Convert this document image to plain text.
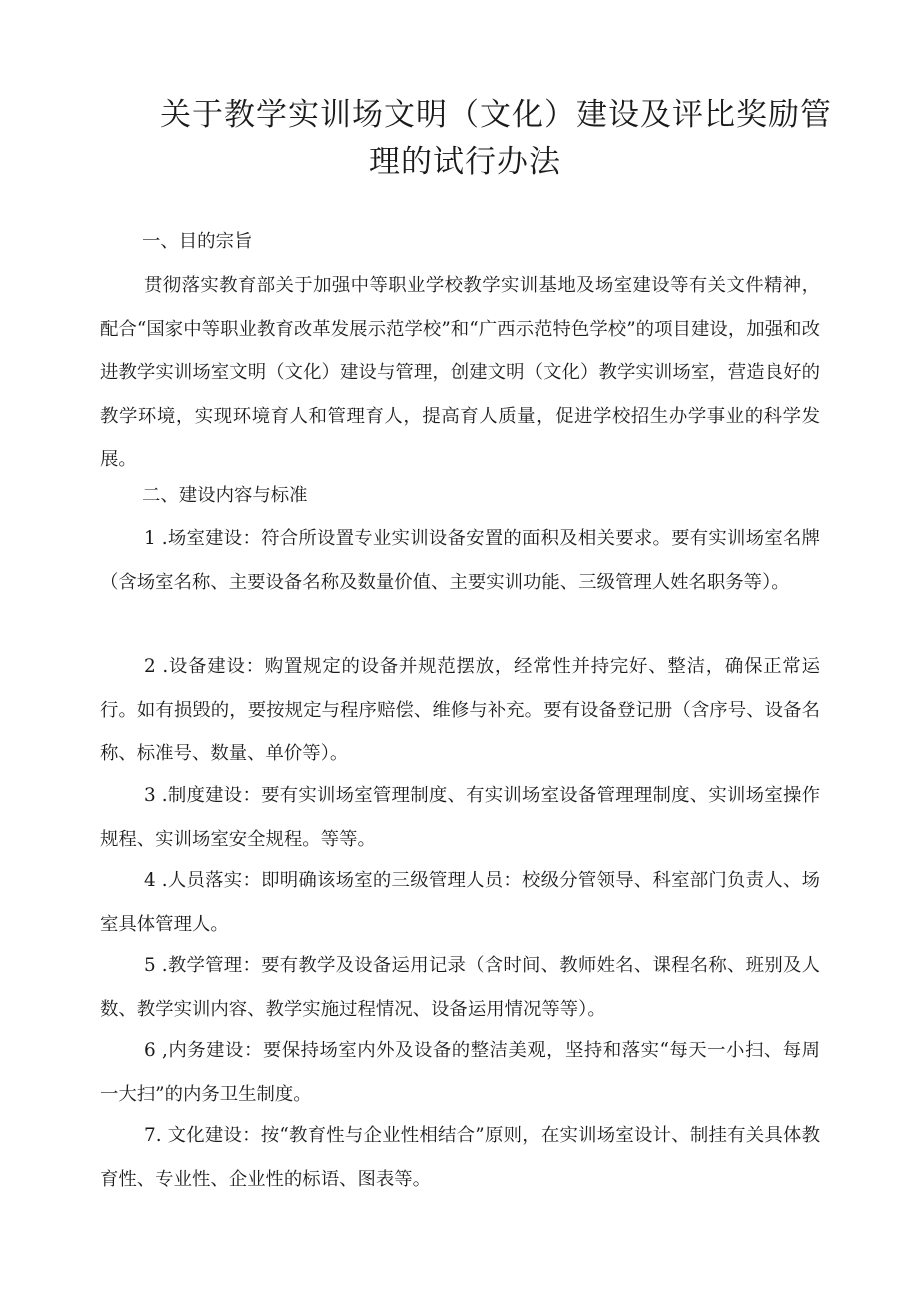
关于教学实训场文明（文化）建设及评比奖励管
理的试行办法
一、目的宗旨
贯彻落实教育部关于加强中等职业学校教学实训基地及场室建设等有关文件精神，配合“国家中等职业教育改革发展示范学校”和“广西示范特色学校”的项目建设，加强和改进教学实训场室文明（文化）建设与管理，创建文明（文化）教学实训场室，营造良好的教学环境，实现环境育人和管理育人，提高育人质量，促进学校招生办学事业的科学发展。
二、建设内容与标准
1 .场室建设：符合所设置专业实训设备安置的面积及相关要求。要有实训场室名牌（含场室名称、主要设备名称及数量价值、主要实训功能、三级管理人姓名职务等）。
2 .设备建设：购置规定的设备并规范摆放，经常性并持完好、整洁，确保正常运行。如有损毁的，要按规定与程序赔偿、维修与补充。要有设备登记册（含序号、设备名称、标准号、数量、单价等）。
3 .制度建设：要有实训场室管理制度、有实训场室设备管理理制度、实训场室操作规程、实训场室安全规程。等等。
4 .人员落实：即明确该场室的三级管理人员：校级分管领导、科室部门负责人、场室具体管理人。
5 .教学管理：要有教学及设备运用记录（含时间、教师姓名、课程名称、班别及人数、教学实训内容、教学实施过程情况、设备运用情况等等）。
6 ,内务建设：要保持场室内外及设备的整洁美观，坚持和落实“每天一小扫、每周一大扫”的内务卫生制度。
7. 文化建设：按“教育性与企业性相结合”原则，在实训场室设计、制挂有关具体教育性、专业性、企业性的标语、图表等。
